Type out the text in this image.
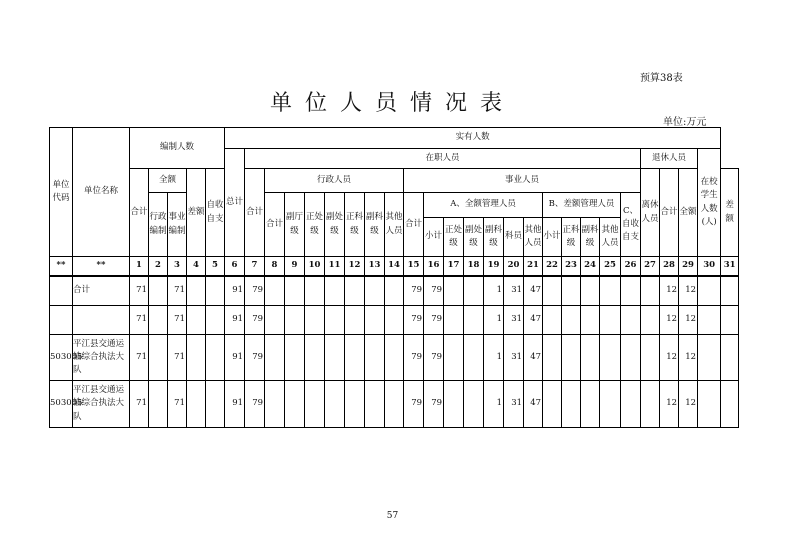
预算38表
单位人员情况表
单位:万元
单位代码	单位名称	编制人数					实有人数																									
							总计	在职人员																				退休人员			在校学生人数(人)	
		合计	全额		差额	自收自支		合计	行政人员							事业人员												离休人员	合计	全额		差额
			行政编制	事业编制					合计	副厅级	正处级	副处级	正科级	副科级	其他人员	合计	A、全额管理人员						B、差额管理人员				C、自收自支					
																	小计	正处级	副处级	副科级	科员	其他人员	小计	正科级	副科级	其他人员						
**	**	1	2	3	4	5	6	7	8	9	10	11	12	13	14	15	16	17	18	19	20	21	22	23	24	25	26	27	28	29	30	31
	合计	71		71			91	79								79	79			1	31	47							12	12		
		71		71			91	79								79	79			1	31	47							12	12		
503005	平江县交通运输综合执法大队	71		71			91	79								79	79			1	31	47							12	12		
503005	平江县交通运输综合执法大队	71		71			91	79								79	79			1	31	47							12	12		
57
